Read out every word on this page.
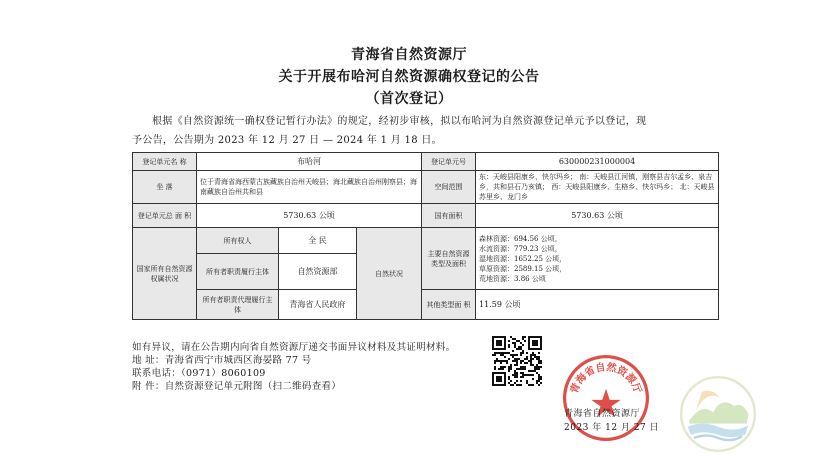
青海省自然资源厅
关于开展布哈河自然资源确权登记的公告
（首次登记）
根据《自然资源统一确权登记暂行办法》的规定，经初步审核，拟以布哈河为自然资源登记单元予以登记，现
予公告，公告期为 2023 年 12 月 27 日 — 2024 年 1 月 18 日。
登记单元名 称	布哈河			登记单元号	630000231000004
坐 落	位于青海省海西蒙古族藏族自治州天峻县；海北藏族自治州刚察县；海南藏族自治州共和县			空间范围	东：天峻县阳康乡、快尔玛乡； 南：天峻县江河镇，刚察县吉尔孟乡、泉吉乡，共和县石乃亥镇； 西：天峻县阳康乡、生格乡、快尔玛乡； 北：天峻县苏里乡、龙门乡
登记单元总 面 积	5730.63 公顷			国有面积	5730.63 公顷
国家所有自然资源权属状况	所有权人	全 民	自然状况	主要自然资源类型及面积	森林资源：694.56 公顷，
水流资源：779.23 公顷，
湿地资源：1652.25 公顷，
草原资源：2589.15 公顷，
荒地资源：3.86 公顷

	所有者职责履行主体	自然资源部			
	所有者职责代理履行主体	青海省人民政府		其他类型面 积	11.59 公顷
如有异议，请在公告期内向省自然资源厅递交书面异议材料及其证明材料。
地 址：青海省西宁市城西区海晏路 77 号
联系电话：（0971）8060109
附 件：自然资源登记单元附图（扫二维码查看）	青海省自然资源厅
青海省自然资源厅
2023 年 12 月 27 日
